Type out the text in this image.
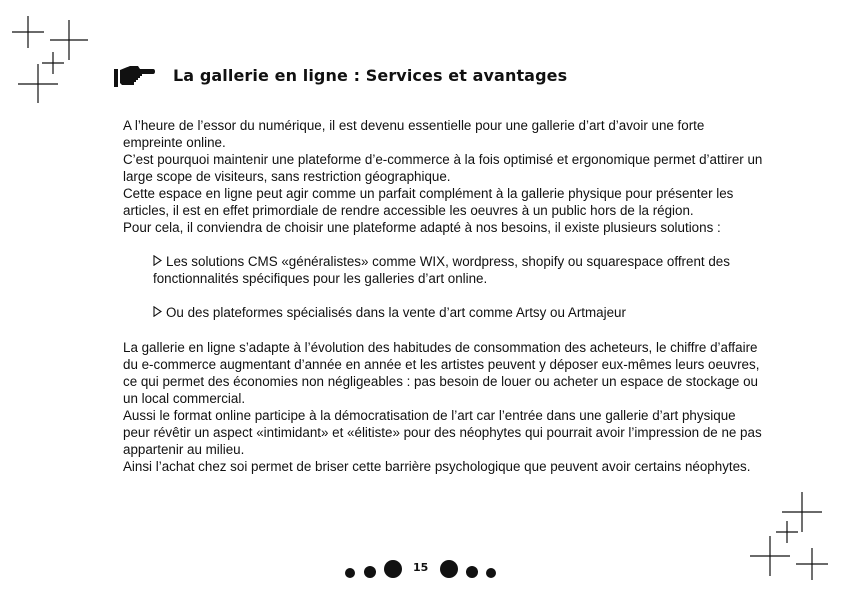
La gallerie en ligne : Services et avantages

A l’heure de l’essor du numérique, il est devenu essentielle pour une gallerie d’art d’avoir une forte empreinte online.

C’est pourquoi maintenir une plateforme d’e-commerce à la fois optimisé et ergonomique permet d’attirer un large scope de visiteurs, sans restriction géographique.

Cette espace en ligne peut agir comme un parfait complément à la gallerie physique pour présenter les articles, il est en effet primordiale de rendre accessible les oeuvres à un public hors de la région.

Pour cela, il conviendra de choisir une plateforme adapté à nos besoins, il existe plusieurs solutions :

Les solutions CMS «généralistes» comme WIX, wordpress, shopify ou squarespace offrent des fonctionnalités spécifiques pour les galleries d’art online.

Ou des plateformes spécialisés dans la vente d’art comme Artsy ou Artmajeur

La gallerie en ligne s’adapte à l’évolution des habitudes de consommation des acheteurs, le chiffre d’affaire du e-commerce augmentant d’année en année et les artistes peuvent y déposer eux-mêmes leurs oeuvres, ce qui permet des économies non négligeables : pas besoin de louer ou acheter un espace de stockage ou un local commercial.

Aussi le format online participe à la démocratisation de l’art car l’entrée dans une gallerie d’art physique peur révêtir un aspect «intimidant» et «élitiste» pour des néophytes qui pourrait avoir l’impression de ne pas appartenir au milieu.

Ainsi l’achat chez soi permet de briser cette barrière psychologique que peuvent avoir certains néophytes.

15
